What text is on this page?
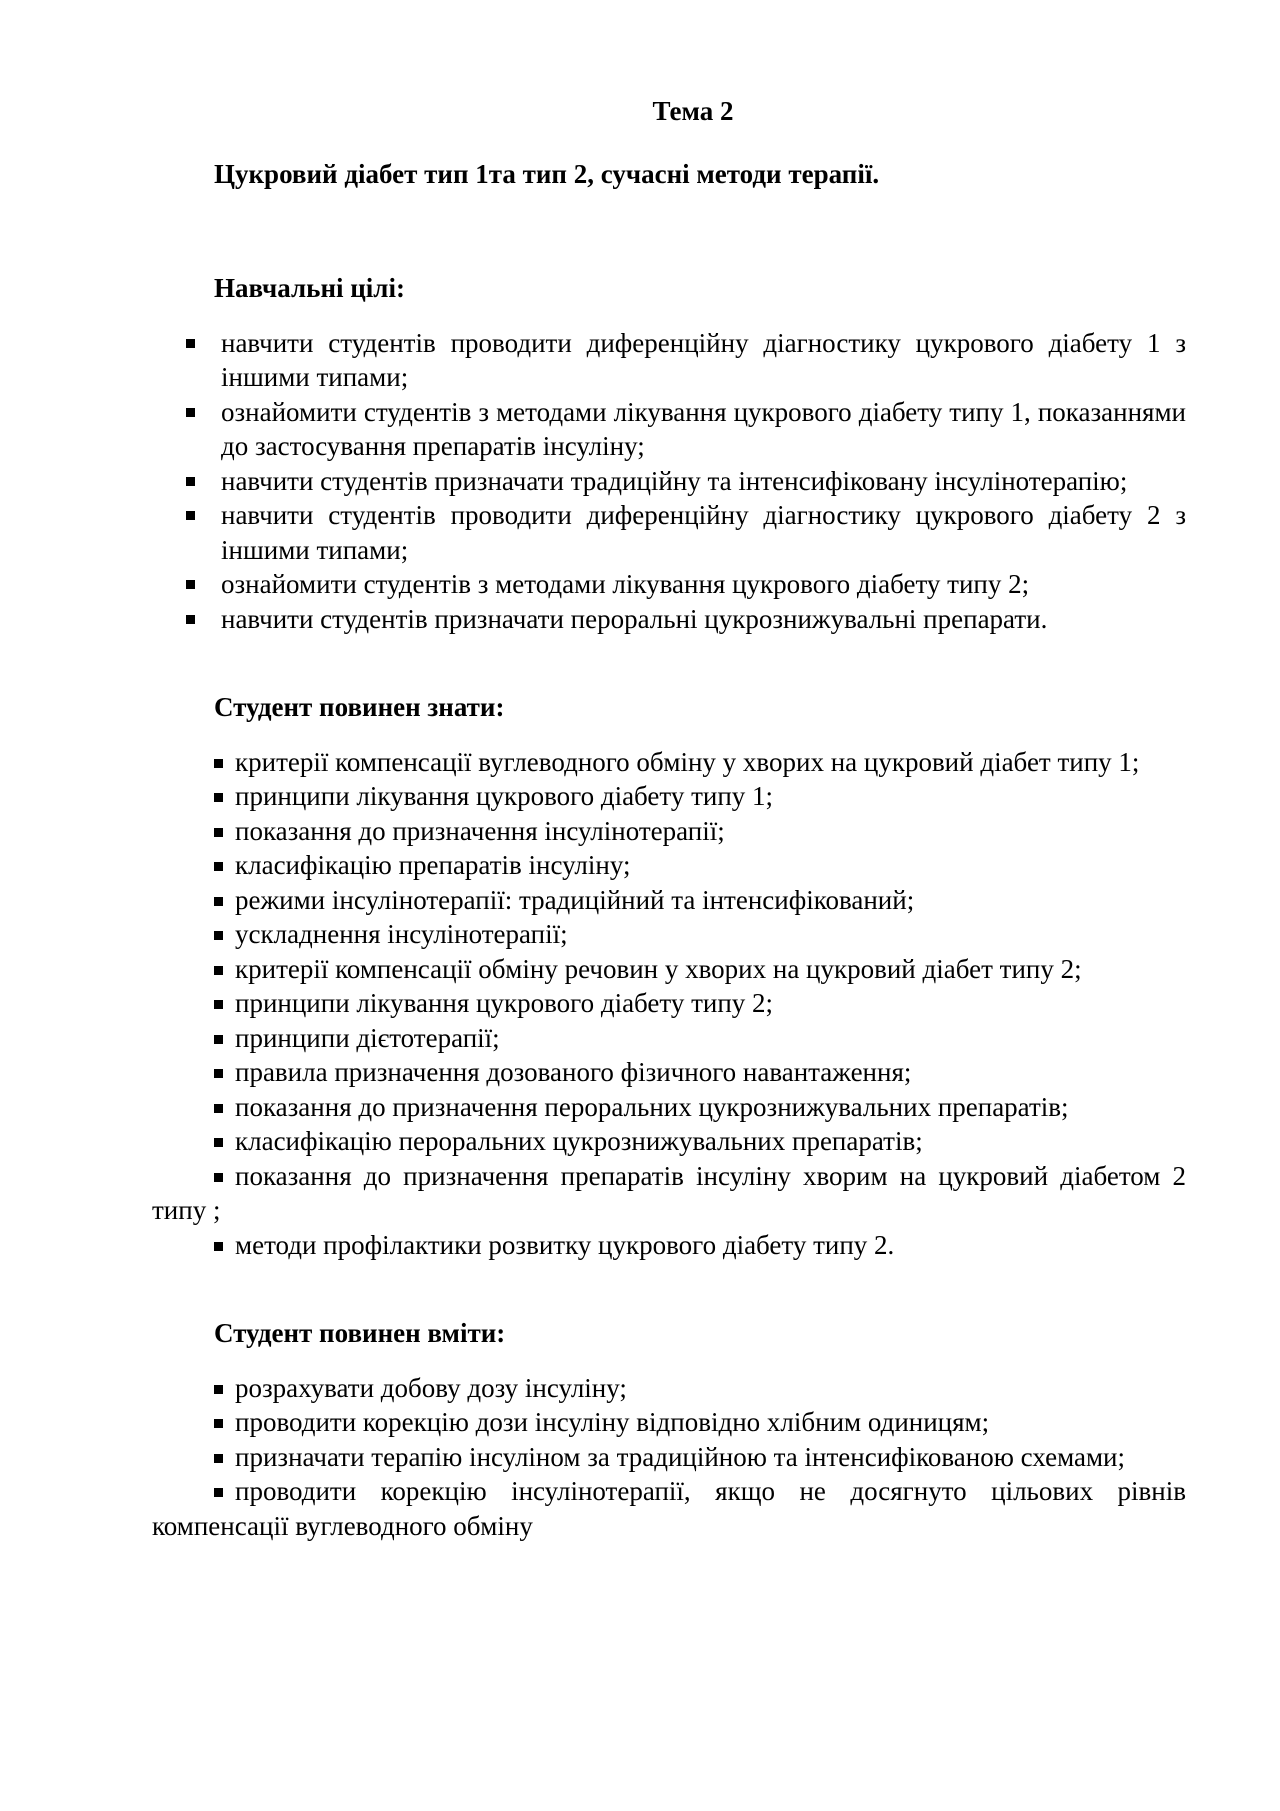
Тема 2

Цукровий діабет тип 1та тип 2, сучасні методи терапії.

Навчальні цілі:

навчити студентів проводити диференційну діагностику цукрового діабету 1 з іншими типами;
ознайомити студентів з методами лікування цукрового діабету типу 1, показаннями до застосування препаратів інсуліну;
навчити студентів призначати традиційну та інтенсифіковану інсулінотерапію;
навчити студентів проводити диференційну діагностику цукрового діабету 2 з іншими типами;
ознайомити студентів з методами лікування цукрового діабету типу 2;
навчити студентів призначати пероральні цукрознижувальні препарати.

Студент повинен знати:

критерії компенсації вуглеводного обміну у хворих на цукровий діабет типу 1;
принципи лікування цукрового діабету типу 1;
показання до призначення інсулінотерапії;
класифікацію препаратів інсуліну;
режими інсулінотерапії: традиційний та інтенсифікований;
ускладнення інсулінотерапії;
критерії компенсації обміну речовин у хворих на цукровий діабет типу 2;
принципи лікування цукрового діабету типу 2;
принципи дієтотерапії;
правила призначення дозованого фізичного навантаження;
показання до призначення пероральних цукрознижувальних препаратів;
класифікацію пероральних цукрознижувальних препаратів;
показання до призначення препаратів інсуліну хворим на цукровий діабетом 2 типу ;
методи профілактики розвитку цукрового діабету типу 2.

Студент повинен вміти:

розрахувати добову дозу інсуліну;
проводити корекцію дози інсуліну відповідно хлібним одиницям;
призначати терапію інсуліном за традиційною та інтенсифікованою схемами;
проводити корекцію інсулінотерапії, якщо не досягнуто цільових рівнів компенсації вуглеводного обміну
